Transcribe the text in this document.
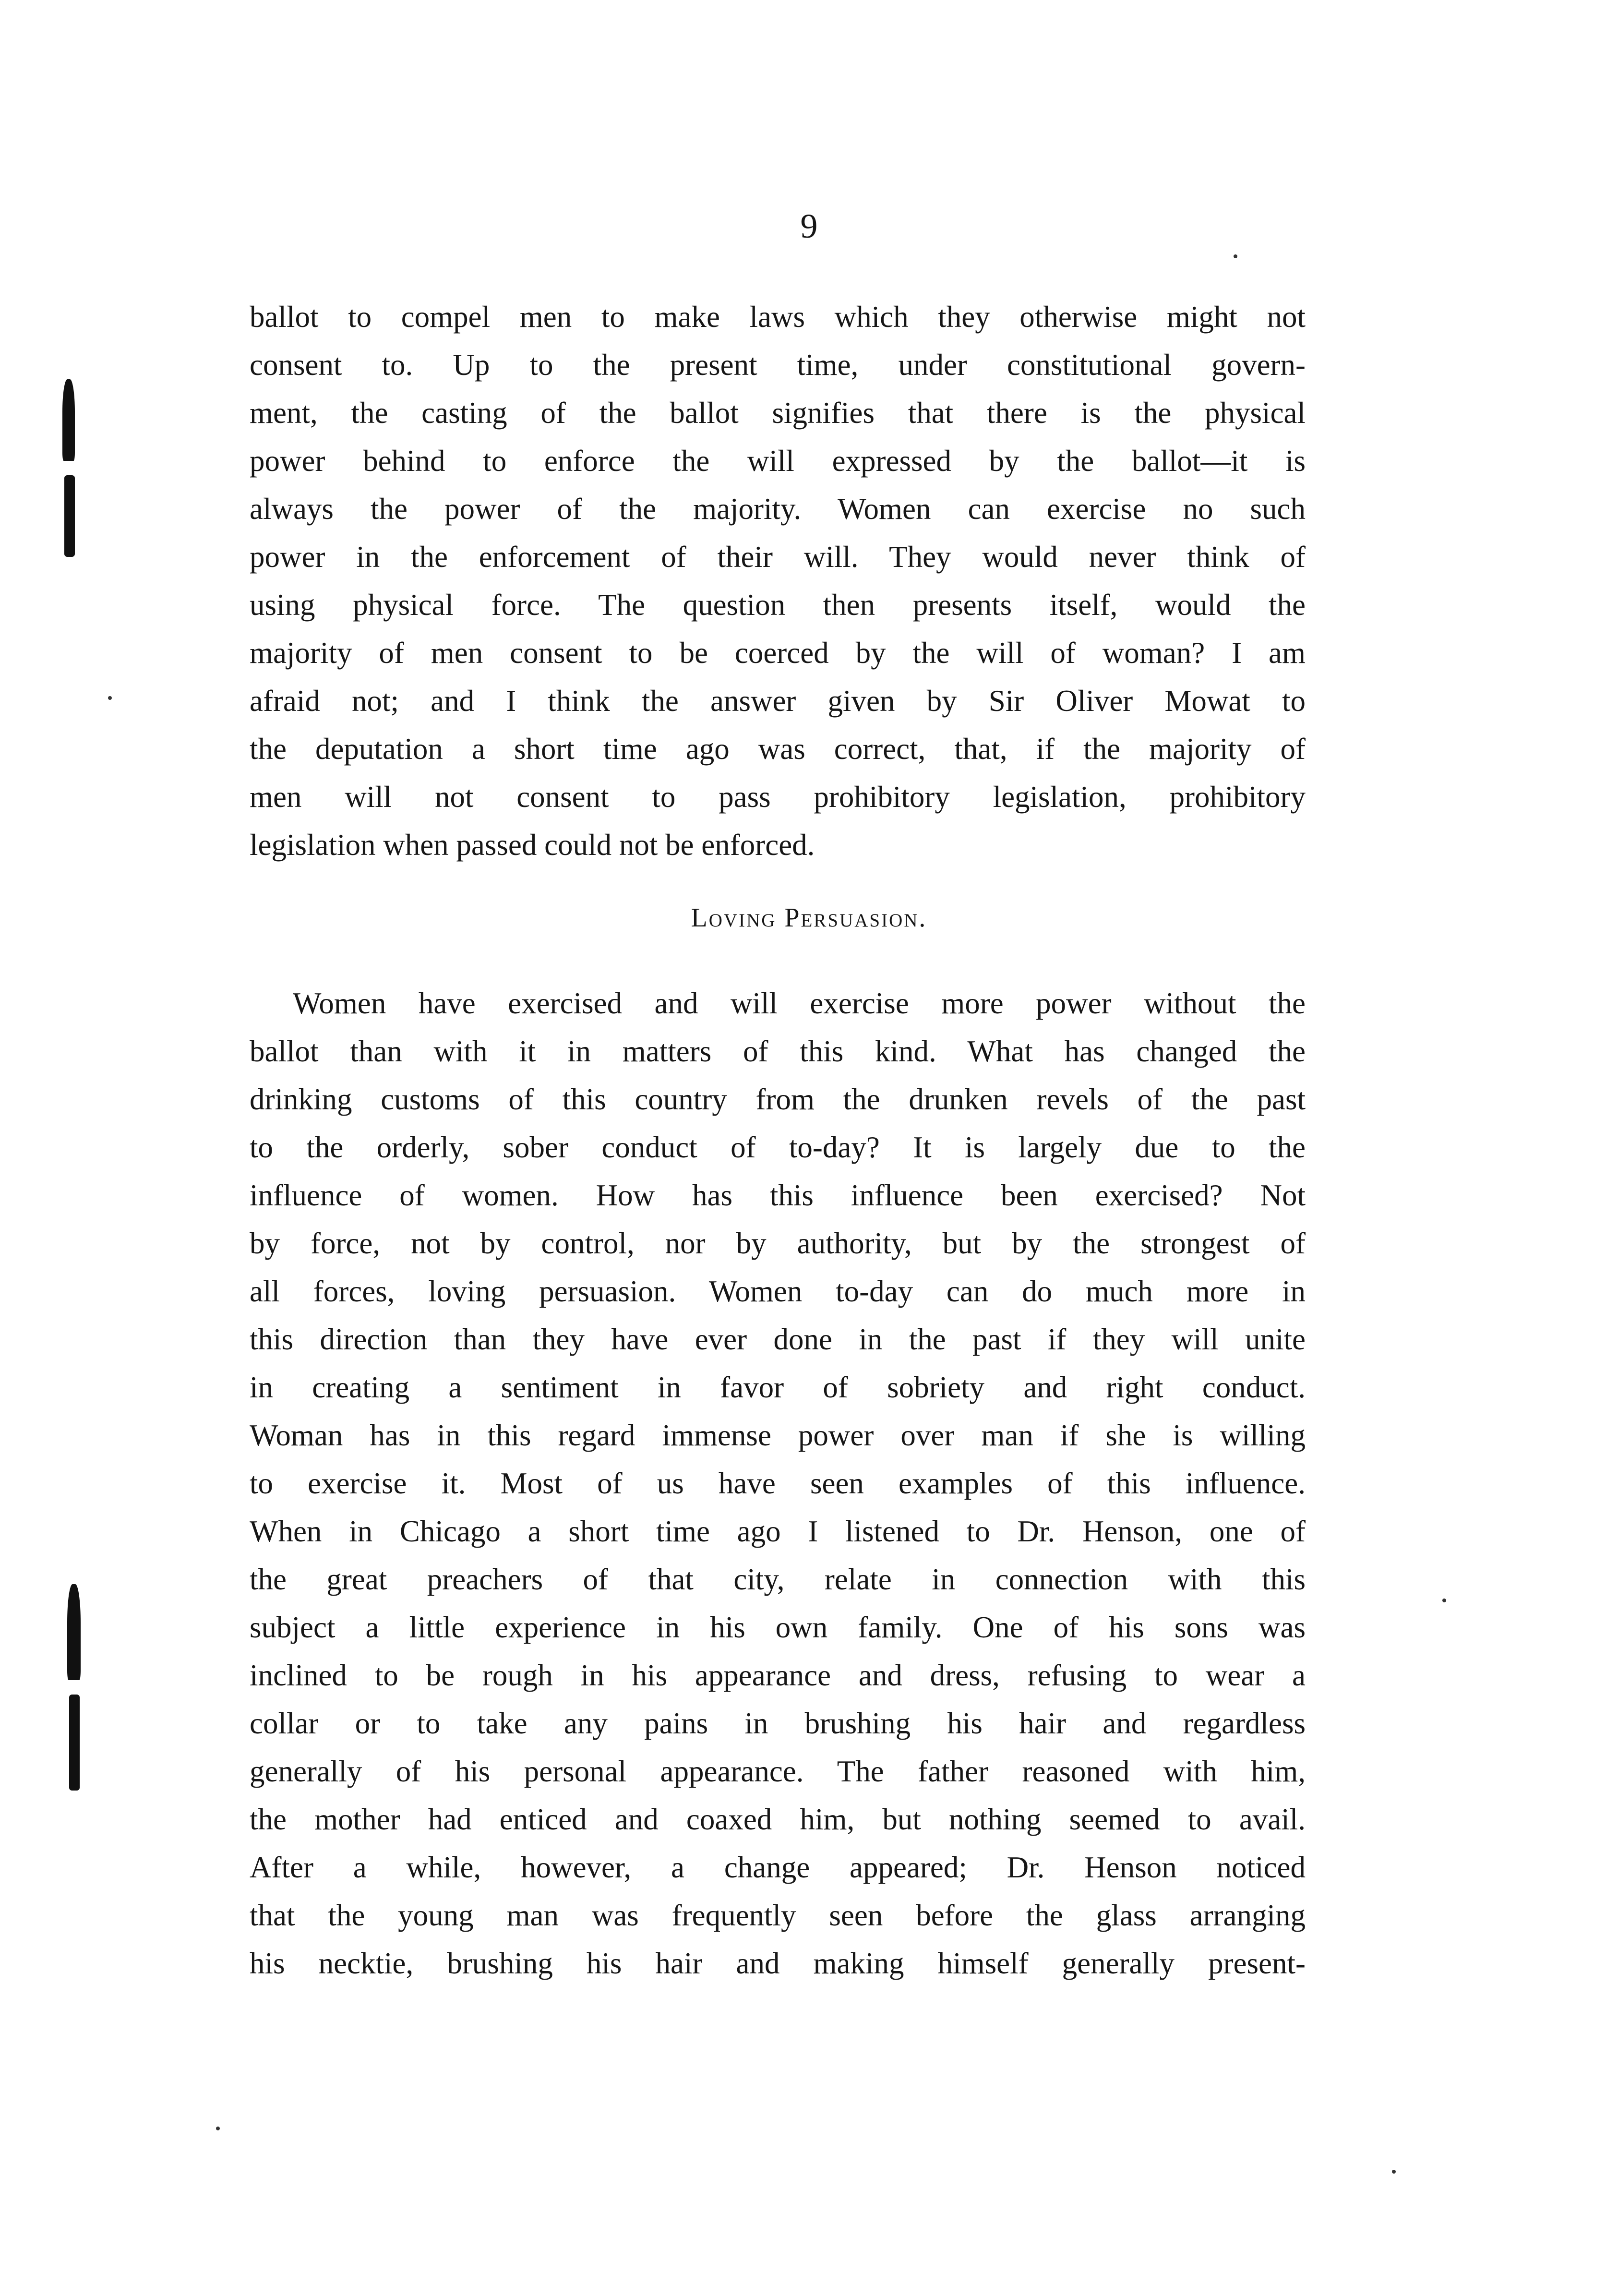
9
ballot to compel men to make laws which they otherwise might not
consent to. Up to the present time, under constitutional govern-
ment, the casting of the ballot signifies that there is the physical
power behind to enforce the will expressed by the ballot—it is
always the power of the majority. Women can exercise no such
power in the enforcement of their will. They would never think of
using physical force. The question then presents itself, would the
majority of men consent to be coerced by the will of woman? I am
afraid not; and I think the answer given by Sir Oliver Mowat to
the deputation a short time ago was correct, that, if the majority of
men will not consent to pass prohibitory legislation, prohibitory
legislation when passed could not be enforced.
Loving Persuasion.
Women have exercised and will exercise more power without the
ballot than with it in matters of this kind. What has changed the
drinking customs of this country from the drunken revels of the past
to the orderly, sober conduct of to-day? It is largely due to the
influence of women. How has this influence been exercised? Not
by force, not by control, nor by authority, but by the strongest of
all forces, loving persuasion. Women to-day can do much more in
this direction than they have ever done in the past if they will unite
in creating a sentiment in favor of sobriety and right conduct.
Woman has in this regard immense power over man if she is willing
to exercise it. Most of us have seen examples of this influence.
When in Chicago a short time ago I listened to Dr. Henson, one of
the great preachers of that city, relate in connection with this
subject a little experience in his own family. One of his sons was
inclined to be rough in his appearance and dress, refusing to wear a
collar or to take any pains in brushing his hair and regardless
generally of his personal appearance. The father reasoned with him,
the mother had enticed and coaxed him, but nothing seemed to avail.
After a while, however, a change appeared; Dr. Henson noticed
that the young man was frequently seen before the glass arranging
his necktie, brushing his hair and making himself generally present-
